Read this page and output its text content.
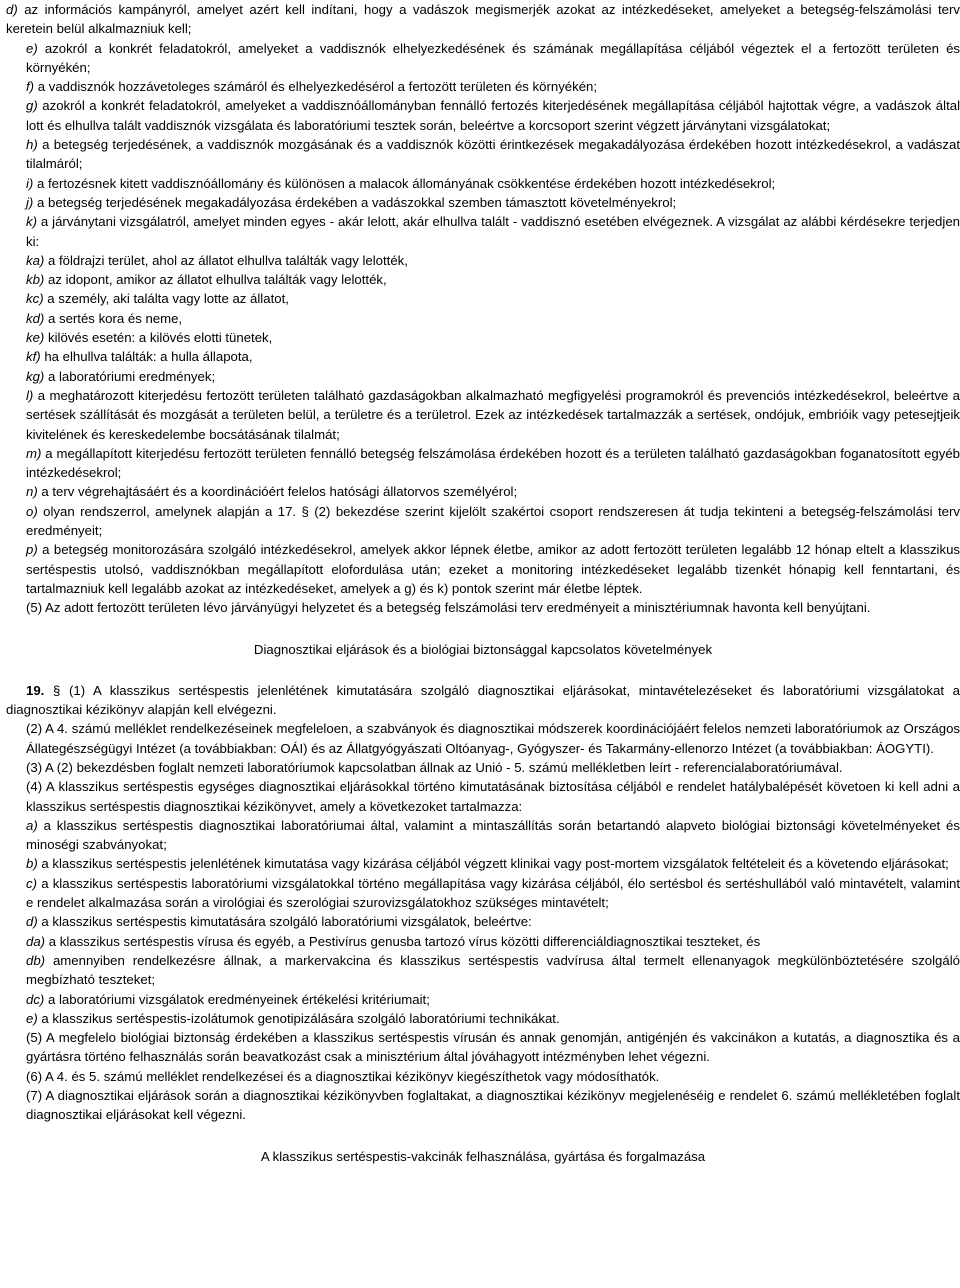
d) az információs kampányról, amelyet azért kell indítani, hogy a vadászok megismerjék azokat az intézkedéseket, amelyeket a betegség-felszámolási terv keretein belül alkalmazniuk kell;

e) azokról a konkrét feladatokról, amelyeket a vaddisznók elhelyezkedésének és számának megállapítása céljából végeztek el a fertozött területen és környékén;

f) a vaddisznók hozzávetoleges számáról és elhelyezkedésérol a fertozött területen és környékén;

g) azokról a konkrét feladatokról, amelyeket a vaddisznóállományban fennálló fertozés kiterjedésének megállapítása céljából hajtottak végre, a vadászok által lott és elhullva talált vaddisznók vizsgálata és laboratóriumi tesztek során, beleértve a korcsoport szerint végzett járványtani vizsgálatokat;

h) a betegség terjedésének, a vaddisznók mozgásának és a vaddisznók közötti érintkezések megakadályozása érdekében hozott intézkedésekrol, a vadászat tilalmáról;

i) a fertozésnek kitett vaddisznóállomány és különösen a malacok állományának csökkentése érdekében hozott intézkedésekrol;

j) a betegség terjedésének megakadályozása érdekében a vadászokkal szemben támasztott követelményekrol;

k) a járványtani vizsgálatról, amelyet minden egyes - akár lelott, akár elhullva talált - vaddisznó esetében elvégeznek. A vizsgálat az alábbi kérdésekre terjedjen ki:

ka) a földrajzi terület, ahol az állatot elhullva találták vagy lelotték,

kb) az idopont, amikor az állatot elhullva találták vagy lelotték,

kc) a személy, aki találta vagy lotte az állatot,

kd) a sertés kora és neme,

ke) kilövés esetén: a kilövés elotti tünetek,

kf) ha elhullva találták: a hulla állapota,

kg) a laboratóriumi eredmények;

l) a meghatározott kiterjedésu fertozött területen található gazdaságokban alkalmazható megfigyelési programokról és prevenciós intézkedésekrol, beleértve a sertések szállítását és mozgását a területen belül, a területre és a területrol. Ezek az intézkedések tartalmazzák a sertések, ondójuk, embrióik vagy petesejtjeik kivitelének és kereskedelembe bocsátásának tilalmát;

m) a megállapított kiterjedésu fertozött területen fennálló betegség felszámolása érdekében hozott és a területen található gazdaságokban foganatosított egyéb intézkedésekrol;

n) a terv végrehajtásáért és a koordinációért felelos hatósági állatorvos személyérol;

o) olyan rendszerrol, amelynek alapján a 17. § (2) bekezdése szerint kijelölt szakértoi csoport rendszeresen át tudja tekinteni a betegség-felszámolási terv eredményeit;

p) a betegség monitorozására szolgáló intézkedésekrol, amelyek akkor lépnek életbe, amikor az adott fertozött területen legalább 12 hónap eltelt a klasszikus sertéspestis utolsó, vaddisznókban megállapított elofordulása után; ezeket a monitoring intézkedéseket legalább tizenkét hónapig kell fenntartani, és tartalmazniuk kell legalább azokat az intézkedéseket, amelyek a g) és k) pontok szerint már életbe léptek.

(5) Az adott fertozött területen lévo járványügyi helyzetet és a betegség felszámolási terv eredményeit a minisztériumnak havonta kell benyújtani.

Diagnosztikai eljárások és a biológiai biztonsággal kapcsolatos követelmények

19. § (1) A klasszikus sertéspestis jelenlétének kimutatására szolgáló diagnosztikai eljárásokat, mintavételezéseket és laboratóriumi vizsgálatokat a diagnosztikai kézikönyv alapján kell elvégezni.

(2) A 4. számú melléklet rendelkezéseinek megfeleloen, a szabványok és diagnosztikai módszerek koordinációjáért felelos nemzeti laboratóriumok az Országos Állategészségügyi Intézet (a továbbiakban: OÁI) és az Állatgyógyászati Oltóanyag-, Gyógyszer- és Takarmány-ellenorzo Intézet (a továbbiakban: ÁOGYTI).

(3) A (2) bekezdésben foglalt nemzeti laboratóriumok kapcsolatban állnak az Unió - 5. számú mellékletben leírt - referencialaboratóriumával.

(4) A klasszikus sertéspestis egységes diagnosztikai eljárásokkal történo kimutatásának biztosítása céljából e rendelet hatálybalépését követoen ki kell adni a klasszikus sertéspestis diagnosztikai kézikönyvet, amely a következoket tartalmazza:

a) a klasszikus sertéspestis diagnosztikai laboratóriumai által, valamint a mintaszállítás során betartandó alapveto biológiai biztonsági követelményeket és minoségi szabványokat;

b) a klasszikus sertéspestis jelenlétének kimutatása vagy kizárása céljából végzett klinikai vagy post-mortem vizsgálatok feltételeit és a követendo eljárásokat;

c) a klasszikus sertéspestis laboratóriumi vizsgálatokkal történo megállapítása vagy kizárása céljából, élo sertésbol és sertéshullából való mintavételt, valamint e rendelet alkalmazása során a virológiai és szerológiai szurovizsgálatokhoz szükséges mintavételt;

d) a klasszikus sertéspestis kimutatására szolgáló laboratóriumi vizsgálatok, beleértve:

da) a klasszikus sertéspestis vírusa és egyéb, a Pestivírus genusba tartozó vírus közötti differenciáldiagnosztikai teszteket, és

db) amennyiben rendelkezésre állnak, a markervakcina és klasszikus sertéspestis vadvírusa által termelt ellenanyagok megkülönböztetésére szolgáló megbízható teszteket;

dc) a laboratóriumi vizsgálatok eredményeinek értékelési kritériumait;

e) a klasszikus sertéspestis-izolátumok genotipizálására szolgáló laboratóriumi technikákat.

(5) A megfelelo biológiai biztonság érdekében a klasszikus sertéspestis vírusán és annak genomján, antigénjén és vakcinákon a kutatás, a diagnosztika és a gyártásra történo felhasználás során beavatkozást csak a minisztérium által jóváhagyott intézményben lehet végezni.

(6) A 4. és 5. számú melléklet rendelkezései és a diagnosztikai kézikönyv kiegészíthetok vagy módosíthatók.

(7) A diagnosztikai eljárások során a diagnosztikai kézikönyvben foglaltakat, a diagnosztikai kézikönyv megjelenéséig e rendelet 6. számú mellékletében foglalt diagnosztikai eljárásokat kell végezni.

A klasszikus sertéspestis-vakcinák felhasználása, gyártása és forgalmazása
